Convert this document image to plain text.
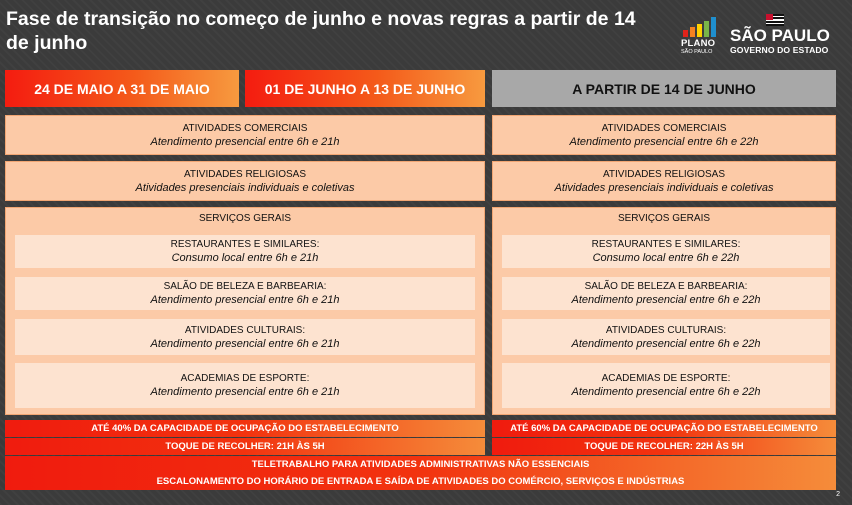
Fase de transição no começo de junho e novas regras a partir de 14 de junho	PLANO
SÃO PAULO
SÃO PAULO
GOVERNO DO ESTADO
24 DE MAIO A 31 DE MAIO	01 DE JUNHO A 13 DE JUNHO	A PARTIR DE 14 DE JUNHO
ATIVIDADES COMERCIAIS
Atendimento presencial entre 6h e 21h
ATIVIDADES RELIGIOSAS
Atividades presenciais individuais e coletivas
SERVIÇOS GERAIS
RESTAURANTES E SIMILARES:
Consumo local entre 6h e 21h
SALÃO DE BELEZA E BARBEARIA:
Atendimento presencial entre 6h e 21h
ATIVIDADES CULTURAIS:
Atendimento presencial entre 6h e 21h
ACADEMIAS DE ESPORTE:
Atendimento presencial entre 6h e 21h
ATÉ 40% DA CAPACIDADE DE OCUPAÇÃO DO ESTABELECIMENTO
TOQUE DE RECOLHER: 21H ÀS 5H
ATIVIDADES COMERCIAIS
Atendimento presencial entre 6h e 22h
ATIVIDADES RELIGIOSAS
Atividades presenciais individuais e coletivas
SERVIÇOS GERAIS
RESTAURANTES E SIMILARES:
Consumo local entre 6h e 22h
SALÃO DE BELEZA E BARBEARIA:
Atendimento presencial entre 6h e 22h
ATIVIDADES CULTURAIS:
Atendimento presencial entre 6h e 22h
ACADEMIAS DE ESPORTE:
Atendimento presencial entre 6h e 22h
ATÉ 60% DA CAPACIDADE DE OCUPAÇÃO DO ESTABELECIMENTO
TOQUE DE RECOLHER: 22H ÀS 5H
TELETRABALHO PARA ATIVIDADES ADMINISTRATIVAS NÃO ESSENCIAIS
ESCALONAMENTO DO HORÁRIO DE ENTRADA E SAÍDA DE ATIVIDADES DO COMÉRCIO, SERVIÇOS E INDÚSTRIAS
2
